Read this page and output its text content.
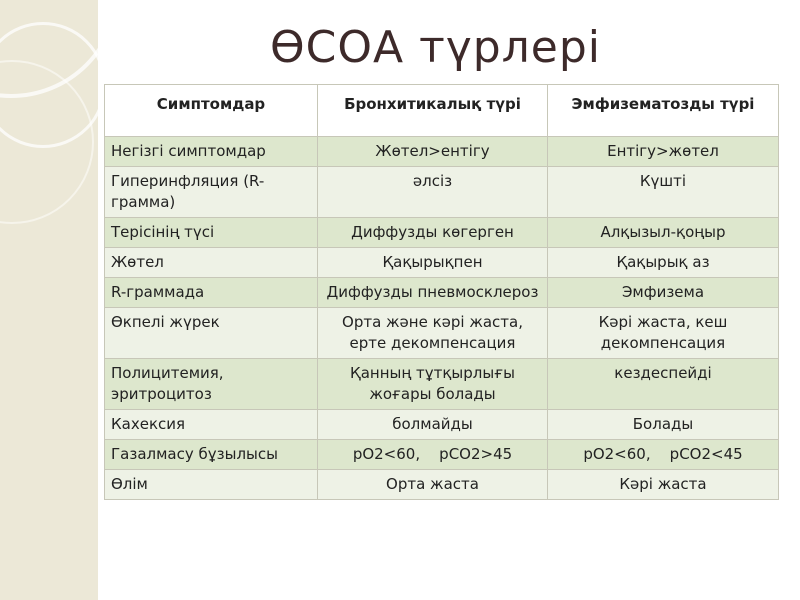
ӨСОА түрлері
Симптомдар	Бронхитикалық түрі	Эмфизематозды түрі
Негізгі симптомдар	Жөтел>ентігу	Ентігу>жөтел
Гиперинфляция (R-грамма)	әлсіз	Күшті
Терісінің түсі	Диффузды көгерген	Алқызыл-қоңыр
Жөтел	Қақырықпен	Қақырық аз
R-граммада	Диффузды пневмосклероз	Эмфизема
Өкпелі жүрек	Орта және кәрі жаста, ерте декомпенсация	Кәрі жаста, кеш декомпенсация
Полицитемия, эритроцитоз	Қанның тұтқырлығы жоғары болады	кездеспейді
Кахексия	болмайды	Болады
Газалмасу бұзылысы	pO2<60,    pCO2>45	pO2<60,    pCO2<45
Өлім	Орта жаста	Кәрі жаста
